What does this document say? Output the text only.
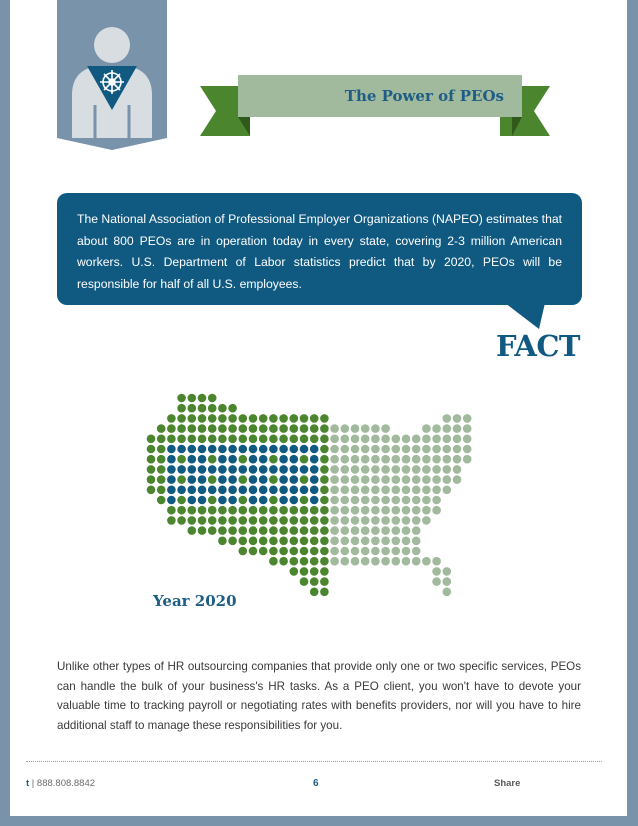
The Power of PEOs
The National Association of Professional Employer Organizations (NAPEO) estimates that about 800 PEOs are in operation today in every state, covering 2-3 million American workers. U.S. Department of Labor statistics predict that by 2020, PEOs will be responsible for half of all U.S. employees.
FACT
Year 2020
Unlike other types of HR outsourcing companies that provide only one or two specific services, PEOs can handle the bulk of your business's HR tasks. As a PEO client, you won't have to devote your valuable time to tracking payroll or negotiating rates with benefits providers, nor will you have to hire additional staff to manage these responsibilities for you.
t | 888.808.8842	6	Share
